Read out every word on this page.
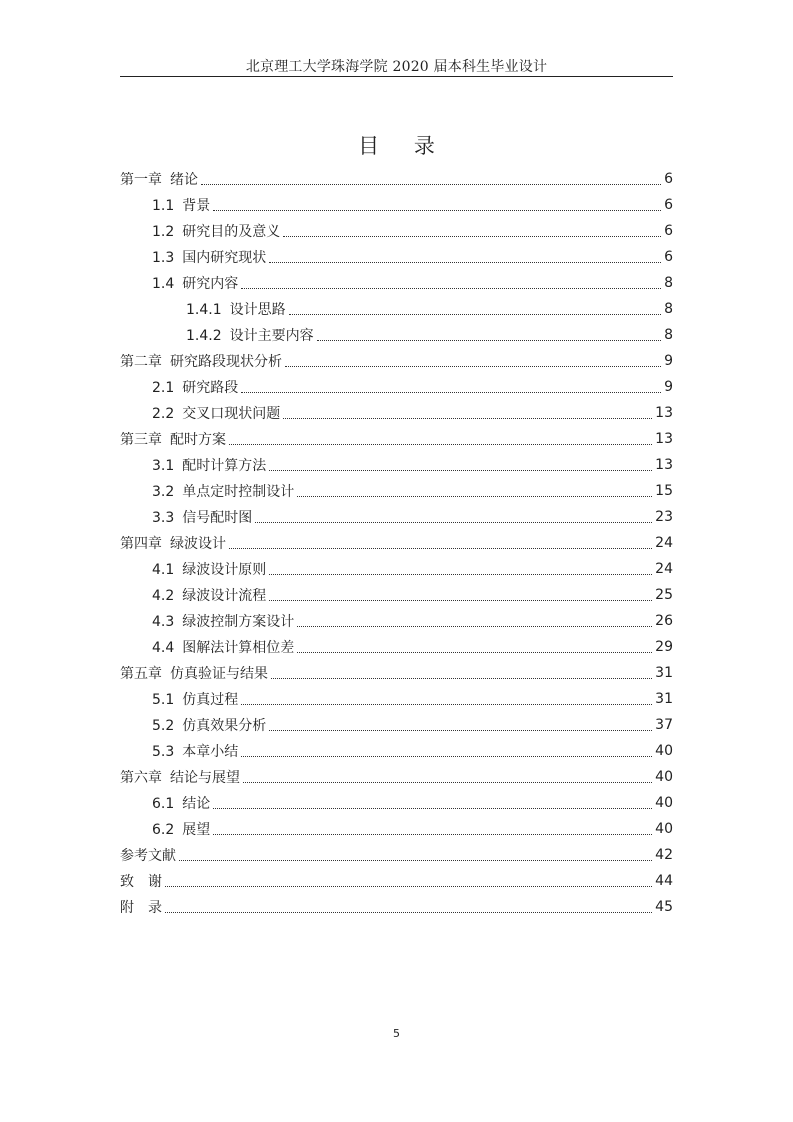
北京理工大学珠海学院 2020 届本科生毕业设计
目 录
第一章 绪论	6
1.1 背景	6
1.2 研究目的及意义	6
1.3 国内研究现状	6
1.4 研究内容	8
1.4.1 设计思路	8
1.4.2 设计主要内容	8
第二章 研究路段现状分析	9
2.1 研究路段	9
2.2 交叉口现状问题	13
第三章 配时方案	13
3.1 配时计算方法	13
3.2 单点定时控制设计	15
3.3 信号配时图	23
第四章 绿波设计	24
4.1 绿波设计原则	24
4.2 绿波设计流程	25
4.3 绿波控制方案设计	26
4.4 图解法计算相位差	29
第五章 仿真验证与结果	31
5.1 仿真过程	31
5.2 仿真效果分析	37
5.3 本章小结	40
第六章 结论与展望	40
6.1 结论	40
6.2 展望	40
参考文献	42
致　谢	44
附　录	45
5
